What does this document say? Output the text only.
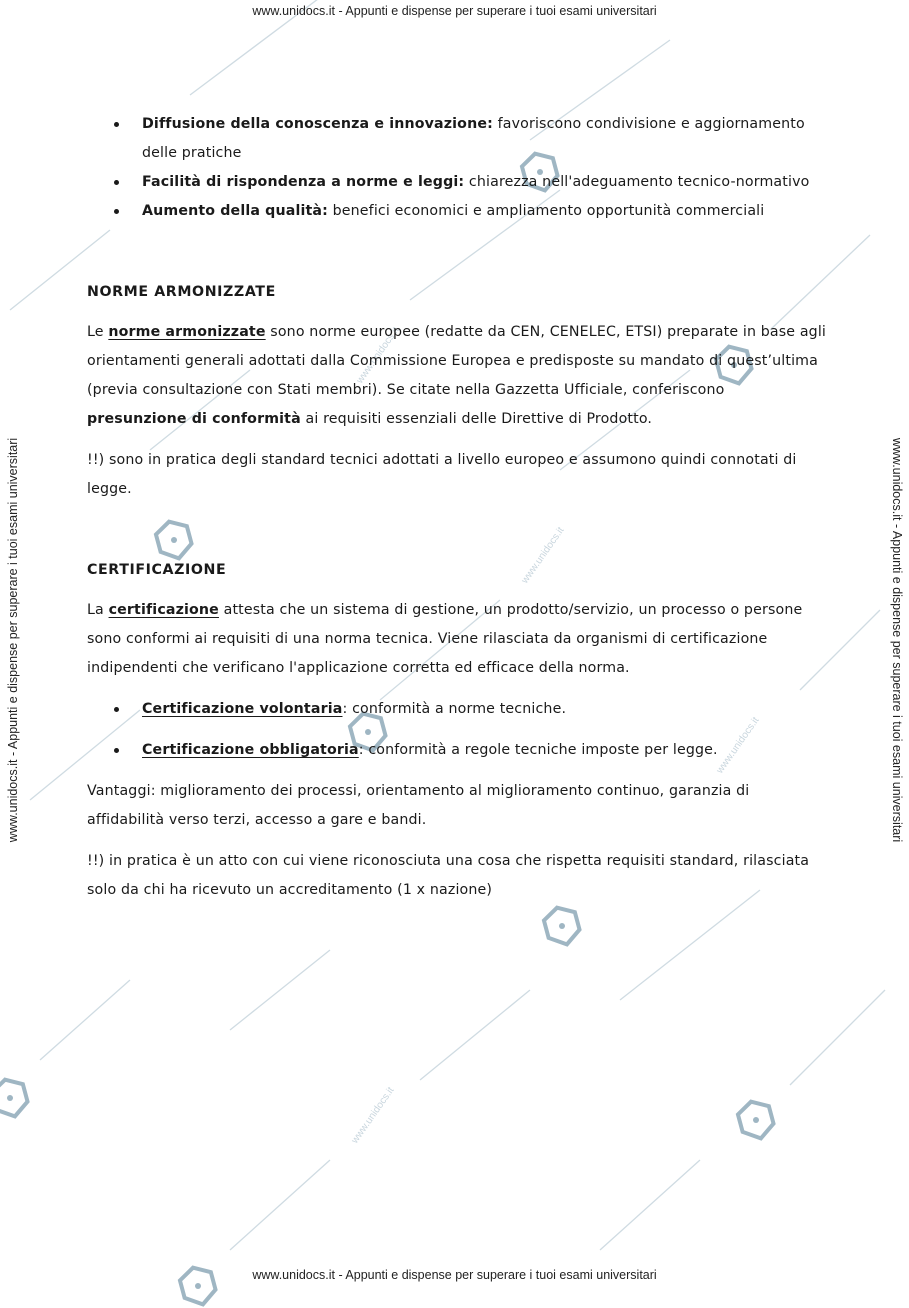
www.unidocs.it
www.unidocs.it
www.unidocs.it
www.unidocs.it
www.unidocs.it - Appunti e dispense per superare i tuoi esami universitari
www.unidocs.it - Appunti e dispense per superare i tuoi esami universitari
www.unidocs.it - Appunti e dispense per superare i tuoi esami universitari	www.unidocs.it - Appunti e dispense per superare i tuoi esami universitari
Diffusione della conoscenza e innovazione: favoriscono condivisione e aggiornamento delle pratiche
Facilità di rispondenza a norme e leggi: chiarezza nell'adeguamento tecnico-normativo
Aumento della qualità: benefici economici e ampliamento opportunità commerciali

NORME ARMONIZZATE

Le norme armonizzate sono norme europee (redatte da CEN, CENELEC, ETSI) preparate in base agli orientamenti generali adottati dalla Commissione Europea e predisposte su mandato di quest’ultima (previa consultazione con Stati membri). Se citate nella Gazzetta Ufficiale, conferiscono presunzione di conformità ai requisiti essenziali delle Direttive di Prodotto.

!!) sono in pratica degli standard tecnici adottati a livello europeo e assumono quindi connotati di legge.

CERTIFICAZIONE

La certificazione attesta che un sistema di gestione, un prodotto/servizio, un processo o persone sono conformi ai requisiti di una norma tecnica. Viene rilasciata da organismi di certificazione indipendenti che verificano l'applicazione corretta ed efficace della norma.

Certificazione volontaria: conformità a norme tecniche.
Certificazione obbligatoria: conformità a regole tecniche imposte per legge.

Vantaggi: miglioramento dei processi, orientamento al miglioramento continuo, garanzia di affidabilità verso terzi, accesso a gare e bandi.

!!) in pratica è un atto con cui viene riconosciuta una cosa che rispetta requisiti standard, rilasciata solo da chi ha ricevuto un accreditamento (1 x nazione)
